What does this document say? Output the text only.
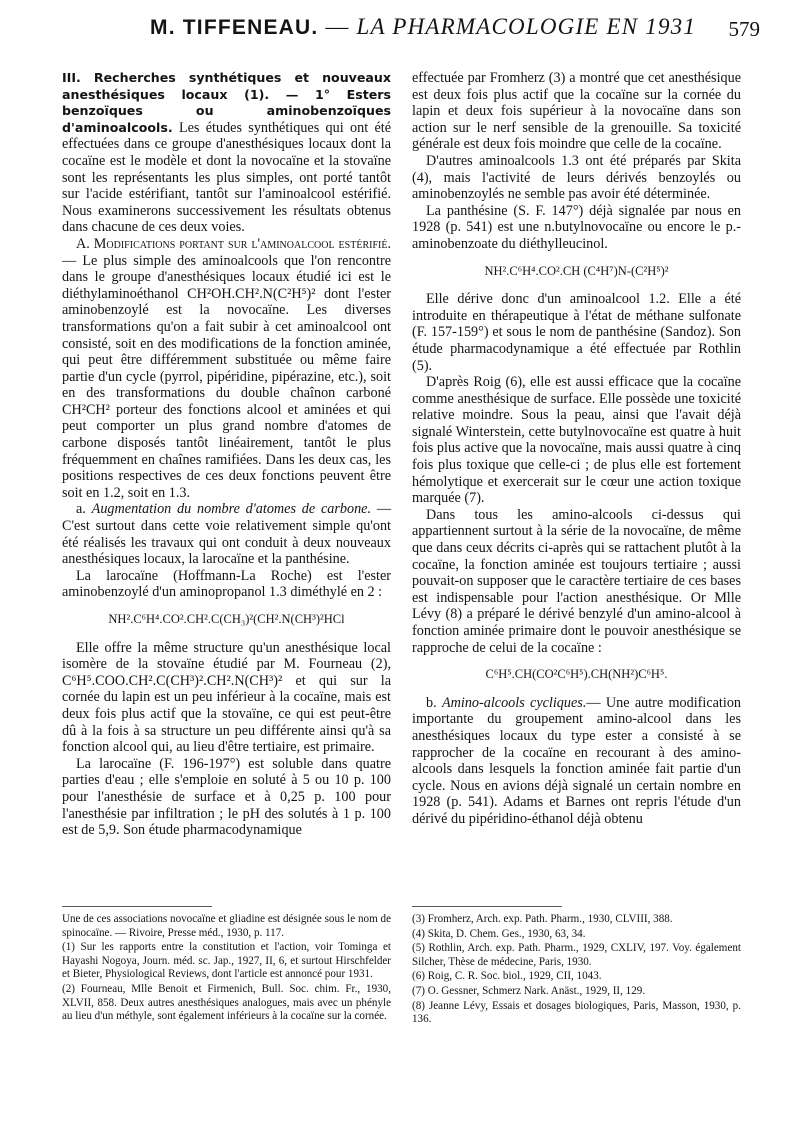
M. TIFFENEAU. — LA PHARMACOLOGIE EN 1931 579

III. Recherches synthétiques et nouveaux anesthésiques locaux (1). — 1° Esters benzoïques ou aminobenzoïques d'aminoalcools. Les études synthétiques qui ont été effectuées dans ce groupe d'anesthésiques locaux dont la cocaïne est le modèle et dont la novocaïne et la stovaïne sont les représentants les plus simples, ont porté tantôt sur l'acide estérifiant, tantôt sur l'aminoalcool estérifié. Nous examinerons successivement les résultats obtenus dans chacune de ces deux voies.

A. Modifications portant sur l'aminoalcool estérifié. — Le plus simple des aminoalcools que l'on rencontre dans le groupe d'anesthésiques locaux étudié ici est le diéthylaminoéthanol CH²OH.CH².N(C²H⁵)² dont l'ester aminobenzoylé est la novocaïne. Les diverses transformations qu'on a fait subir à cet aminoalcool ont consisté, soit en des modifications de la fonction aminée, qui peut être différemment substituée ou même faire partie d'un cycle (pyrrol, pipéridine, pipérazine, etc.), soit en des transformations du double chaînon carboné CH²CH² porteur des fonctions alcool et aminées et qui peut comporter un plus grand nombre d'atomes de carbone disposés tantôt linéairement, tantôt le plus fréquemment en chaînes ramifiées. Dans les deux cas, les positions respectives de ces deux fonctions peuvent être soit en 1.2, soit en 1.3.

a. Augmentation du nombre d'atomes de carbone. — C'est surtout dans cette voie relativement simple qu'ont été réalisés les travaux qui ont conduit à deux nouveaux anesthésiques locaux, la larocaïne et la panthésine.

La larocaïne (Hoffmann-La Roche) est l'ester aminobenzoylé d'un aminopropanol 1.3 diméthylé en 2 :

NH².C⁶H⁴.CO².CH².C(CH₃)²(CH².N(CH³)²HCl

Elle offre la même structure qu'un anesthésique local isomère de la stovaïne étudié par M. Fourneau (2), C⁶H⁵.COO.CH².C(CH³)².CH².N(CH³)² et qui sur la cornée du lapin est un peu inférieur à la cocaïne, mais est deux fois plus actif que la stovaïne, ce qui est peut-être dû à la fois à sa structure un peu différente ainsi qu'à sa fonction alcool qui, au lieu d'être tertiaire, est primaire.

La larocaïne (F. 196-197°) est soluble dans quatre parties d'eau ; elle s'emploie en soluté à 5 ou 10 p. 100 pour l'anesthésie de surface et à 0,25 p. 100 pour l'anesthésie par infiltration ; le pH des solutés à 1 p. 100 est de 5,9. Son étude pharmacodynamique

effectuée par Fromherz (3) a montré que cet anesthésique est deux fois plus actif que la cocaïne sur la cornée du lapin et deux fois supérieur à la novocaïne dans son action sur le nerf sensible de la grenouille. Sa toxicité générale est deux fois moindre que celle de la cocaïne.

D'autres aminoalcools 1.3 ont été préparés par Skita (4), mais l'activité de leurs dérivés benzoylés ou aminobenzoylés ne semble pas avoir été déterminée.

La panthésine (S. F. 147°) déjà signalée par nous en 1928 (p. 541) est une n.butylnovocaïne ou encore le p.-aminobenzoate du diéthylleucinol.

NH².C⁶H⁴.CO².CH (C⁴H⁷)N-(C²H⁵)²

Elle dérive donc d'un aminoalcool 1.2. Elle a été introduite en thérapeutique à l'état de méthane sulfonate (F. 157-159°) et sous le nom de panthésine (Sandoz). Son étude pharmacodynamique a été effectuée par Rothlin (5).

D'après Roig (6), elle est aussi efficace que la cocaïne comme anesthésique de surface. Elle possède une toxicité relative moindre. Sous la peau, ainsi que l'avait déjà signalé Winterstein, cette butylnovocaïne est quatre à huit fois plus active que la novocaïne, mais aussi quatre à cinq fois plus toxique que celle-ci ; de plus elle est fortement hémolytique et exercerait sur le cœur une action toxique marquée (7).

Dans tous les amino-alcools ci-dessus qui appartiennent surtout à la série de la novocaïne, de même que dans ceux décrits ci-après qui se rattachent plutôt à la cocaïne, la fonction aminée est toujours tertiaire ; aussi pouvait-on supposer que le caractère tertiaire de ces bases est indispensable pour l'action anesthésique. Or Mlle Lévy (8) a préparé le dérivé benzylé d'un amino-alcool à fonction aminée primaire dont le pouvoir anesthésique se rapproche de celui de la cocaïne :

C⁶H⁵.CH(CO²C⁶H⁵).CH(NH²)C⁶H⁵.

b. Amino-alcools cycliques.— Une autre modification importante du groupement amino-alcool dans les anesthésiques locaux du type ester a consisté à se rapprocher de la cocaïne en recourant à des amino-alcools dans lesquels la fonction aminée fait partie d'un cycle. Nous en avions déjà signalé un certain nombre en 1928 (p. 541). Adams et Barnes ont repris l'étude d'un dérivé du pipéridino-éthanol déjà obtenu

Une de ces associations novocaïne et gliadine est désignée sous le nom de spinocaïne. — Rivoire, Presse méd., 1930, p. 117.

(1) Sur les rapports entre la constitution et l'action, voir Tominga et Hayashi Nogoya, Journ. méd. sc. Jap., 1927, II, 6, et surtout Hirschfelder et Bieter, Physiological Reviews, dont l'article est annoncé pour 1931.

(2) Fourneau, Mlle Benoit et Firmenich, Bull. Soc. chim. Fr., 1930, XLVII, 858. Deux autres anesthésiques analogues, mais avec un phényle au lieu d'un méthyle, sont également inférieurs à la cocaïne sur la cornée.

(3) Fromherz, Arch. exp. Path. Pharm., 1930, CLVIII, 388.

(4) Skita, D. Chem. Ges., 1930, 63, 34.

(5) Rothlin, Arch. exp. Path. Pharm., 1929, CXLIV, 197. Voy. également Silcher, Thèse de médecine, Paris, 1930.

(6) Roig, C. R. Soc. biol., 1929, CII, 1043.

(7) O. Gessner, Schmerz Nark. Anäst., 1929, II, 129.

(8) Jeanne Lévy, Essais et dosages biologiques, Paris, Masson, 1930, p. 136.
